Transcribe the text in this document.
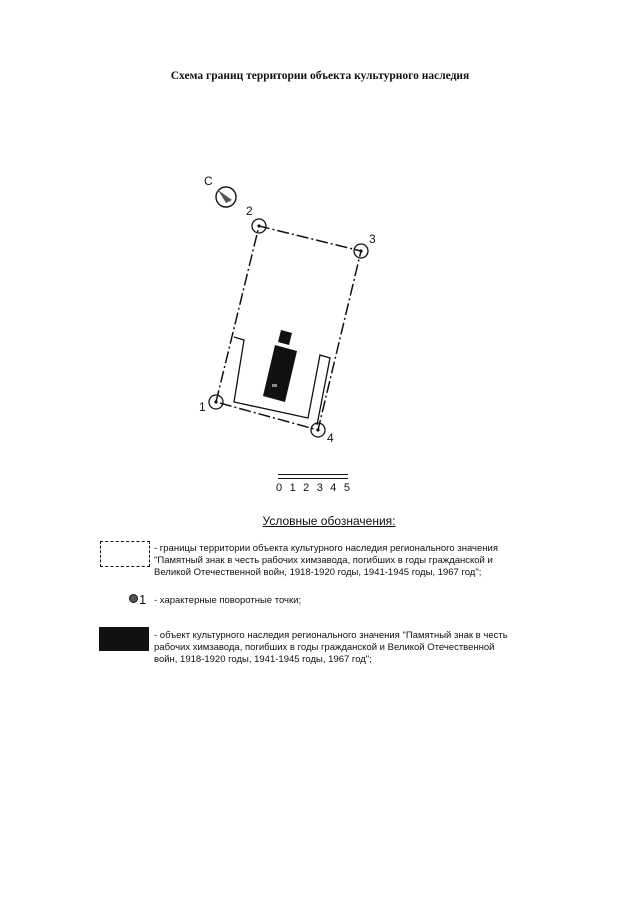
Схема границ территории объекта культурного наследия
С
1
2
3
4
0 1 2 3 4 5
Условные обозначения:
- границы территории объекта культурного наследия регионального значения
"Памятный знак в честь рабочих химзавода, погибших в годы гражданской и
Великой Отечественной войн, 1918-1920 годы, 1941-1945 годы, 1967 год";
1 - характерные поворотные точки;
- объект культурного наследия регионального значения "Памятный знак в честь
рабочих химзавода, погибших в годы гражданской и Великой Отечественной
войн, 1918-1920 годы, 1941-1945 годы, 1967 год";
